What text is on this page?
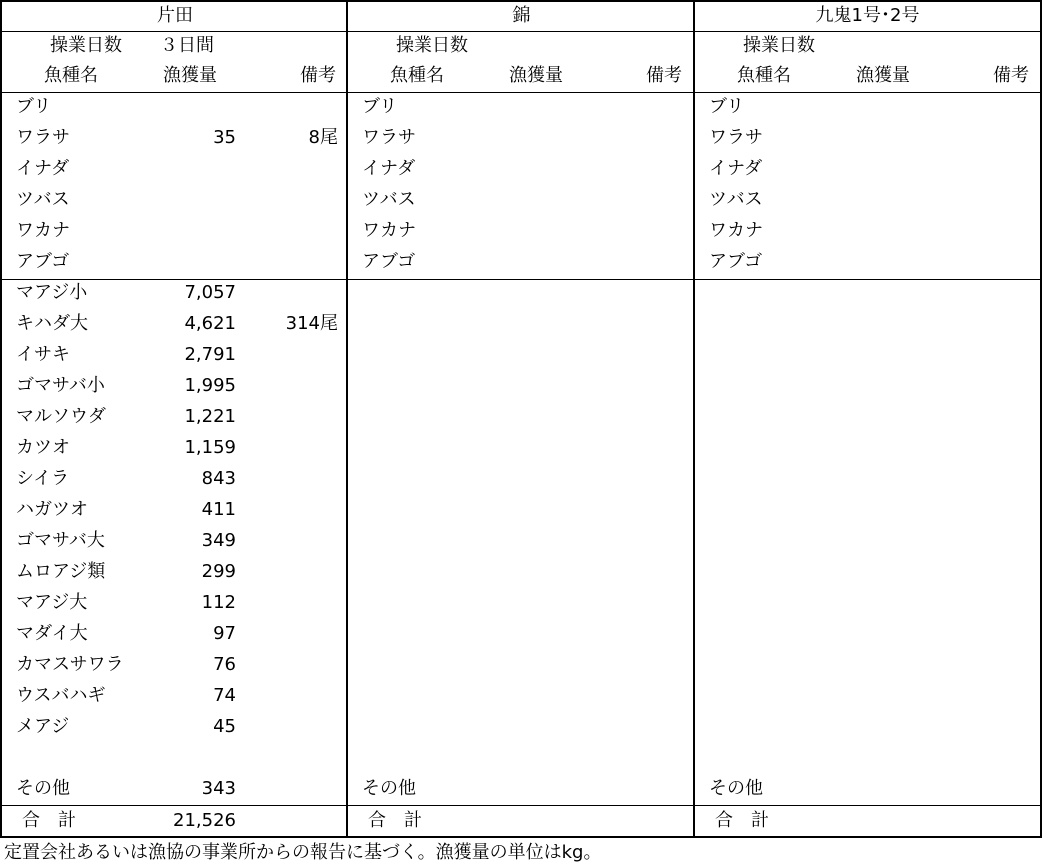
片田
操業日数	３日間
魚種名	漁獲量	備考
ブリ
ワラサ	35	8尾
イナダ
ツバス
ワカナ
アブゴ
マアジ小	7,057
キハダ大	4,621	314尾
イサキ	2,791
ゴマサバ小	1,995
マルソウダ	1,221
カツオ	1,159
シイラ	843
ハガツオ	411
ゴマサバ大	349
ムロアジ類	299
マアジ大	112
マダイ大	97
カマスサワラ	76
ウスバハギ	74
メアジ	45
その他	343
合　計	21,526
錦
操業日数
魚種名	漁獲量	備考
ブリ
ワラサ
イナダ
ツバス
ワカナ
アブゴ
その他
合　計
九鬼1号･2号
操業日数
魚種名	漁獲量	備考
ブリ
ワラサ
イナダ
ツバス
ワカナ
アブゴ
その他
合　計
定置会社あるいは漁協の事業所からの報告に基づく。漁獲量の単位はkg。
